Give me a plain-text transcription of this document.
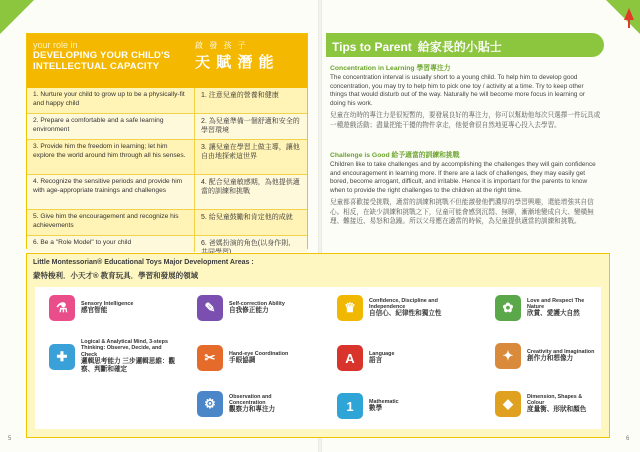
your role in
DEVELOPING YOUR CHILD'S
INTELLECTUAL CAPACITY
啟 發 孩 子
天 賦 潛 能
1. Nurture your child to grow up to be a physically-fit and happy child
1. 注意兒童的營養和健康
2. Prepare a comfortable and a safe learning environment
2. 為兒童準備一個舒適和安全的學習環境
3. Provide him the freedom in learning; let him explore the world around him through all his senses.
3. 讓兒童在學習上做主導，讓他自由地探索這世界
4. Recognize the sensitive periods and provide him with age-appropriate trainings and challenges
4. 配合兒童敏感期，為他提供適當的訓練和挑戰
5. Give him the encouragement and recognize his achievements
5. 給兒童鼓勵和肯定他的成就
6. Be a "Role Model" to your child	6. 爸媽扮演的角色(以身作則、
Tips to Parent 給家長的小貼士
Concentration in Learning 學習專注力

The concentration interval is usually short to a young child. To help him to develop good concentration, you may try to help him to pick one toy / activity at a time. Try to keep other things that would disturb out of the way. Naturally he will become more focus in learning or doing his work.

兒童在幼時的專注力是很短暫的，要發展良好的專注力，你可以幫助他每次只選擇一件玩具或一種遊戲活動；盡量把能干擾的物件拿走，他便會很自然地更專心投入去學習。

Challenge is Good 給予適當的訓練和挑戰

Children like to take challenges and by accomplishing the challenges they will gain confidence and encouragement in learning more. If there are a lack of challenges, they may easily get bored, become arrogant, difficult, and irritable. Hence it is important for the parents to know when to provide the right challenges to the children at the right time.

兒童都喜歡接受挑戰，適當的訓練和挑戰不但能激發他們濃厚的學習興趣，還能增強其自信心。相反，在缺少訓練和挑戰之下，兒童可能會感到沉悶、無聊，漸漸地變成自大、變橫無理、難接近、易怒和急躁。所以父母應在適當的時候，為兒童提供適當的訓練和挑戰。

Little Montessorian® Educational Toys Major Development Areas :
蒙特梭利．小天才® 教育玩具．學習和發展的領域
⚗	Sensory Intelligence
感官智能
✚
Logical & Analytical Mind, 3-steps Thinking: Observe, Decide, and Check
邏輯思考能力 三步邏輯思維：觀察、判斷和確定
✎	Self-correction Ability
自我修正能力
✂	Hand-eye Coordination
手眼協調
⚙	Observation and Concentration
觀察力和專注力
♛	Confidence, Discipline and Independence
自信心、紀律性和獨立性
A	Language
語言
1	Mathematic
數學
✿	Love and Respect The Nature
欣賞、愛護大自然
✦	Creativity and Imagination
創作力和想像力
◆	Dimension, Shapes & Colour
度量衡、形狀和顏色
5	6
